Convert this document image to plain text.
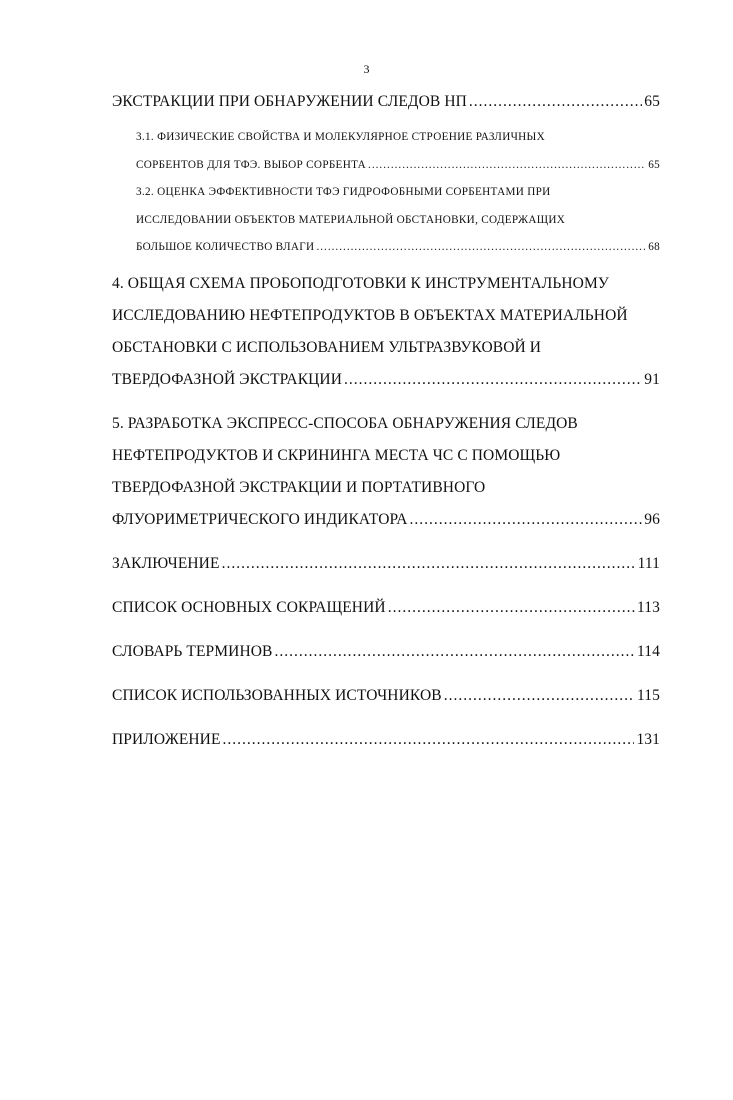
3
ЭКСТРАКЦИИ ПРИ ОБНАРУЖЕНИИ СЛЕДОВ НП .....	65
3.1. ФИЗИЧЕСКИЕ СВОЙСТВА И МОЛЕКУЛЯРНОЕ СТРОЕНИЕ РАЗЛИЧНЫХ
СОРБЕНТОВ ДЛЯ ТФЭ. ВЫБОР СОРБЕНТА .....	65
3.2. ОЦЕНКА ЭФФЕКТИВНОСТИ ТФЭ ГИДРОФОБНЫМИ СОРБЕНТАМИ ПРИ
ИССЛЕДОВАНИИ ОБЪЕКТОВ МАТЕРИАЛЬНОЙ ОБСТАНОВКИ, СОДЕРЖАЩИХ
БОЛЬШОЕ КОЛИЧЕСТВО ВЛАГИ .....	68
4. ОБЩАЯ СХЕМА ПРОБОПОДГОТОВКИ К ИНСТРУМЕНТАЛЬНОМУ
ИССЛЕДОВАНИЮ НЕФТЕПРОДУКТОВ В ОБЪЕКТАХ МАТЕРИАЛЬНОЙ
ОБСТАНОВКИ С ИСПОЛЬЗОВАНИЕМ УЛЬТРАЗВУКОВОЙ И
ТВЕРДОФАЗНОЙ ЭКСТРАКЦИИ .....	91
5. РАЗРАБОТКА ЭКСПРЕСС-СПОСОБА ОБНАРУЖЕНИЯ СЛЕДОВ
НЕФТЕПРОДУКТОВ И СКРИНИНГА МЕСТА ЧС С ПОМОЩЬЮ
ТВЕРДОФАЗНОЙ ЭКСТРАКЦИИ И ПОРТАТИВНОГО
ФЛУОРИМЕТРИЧЕСКОГО ИНДИКАТОРА .....	96
ЗАКЛЮЧЕНИЕ .....	111
СПИСОК ОСНОВНЫХ СОКРАЩЕНИЙ .....	113
СЛОВАРЬ ТЕРМИНОВ .....	114
СПИСОК ИСПОЛЬЗОВАННЫХ ИСТОЧНИКОВ .....	115
ПРИЛОЖЕНИЕ .....	131
